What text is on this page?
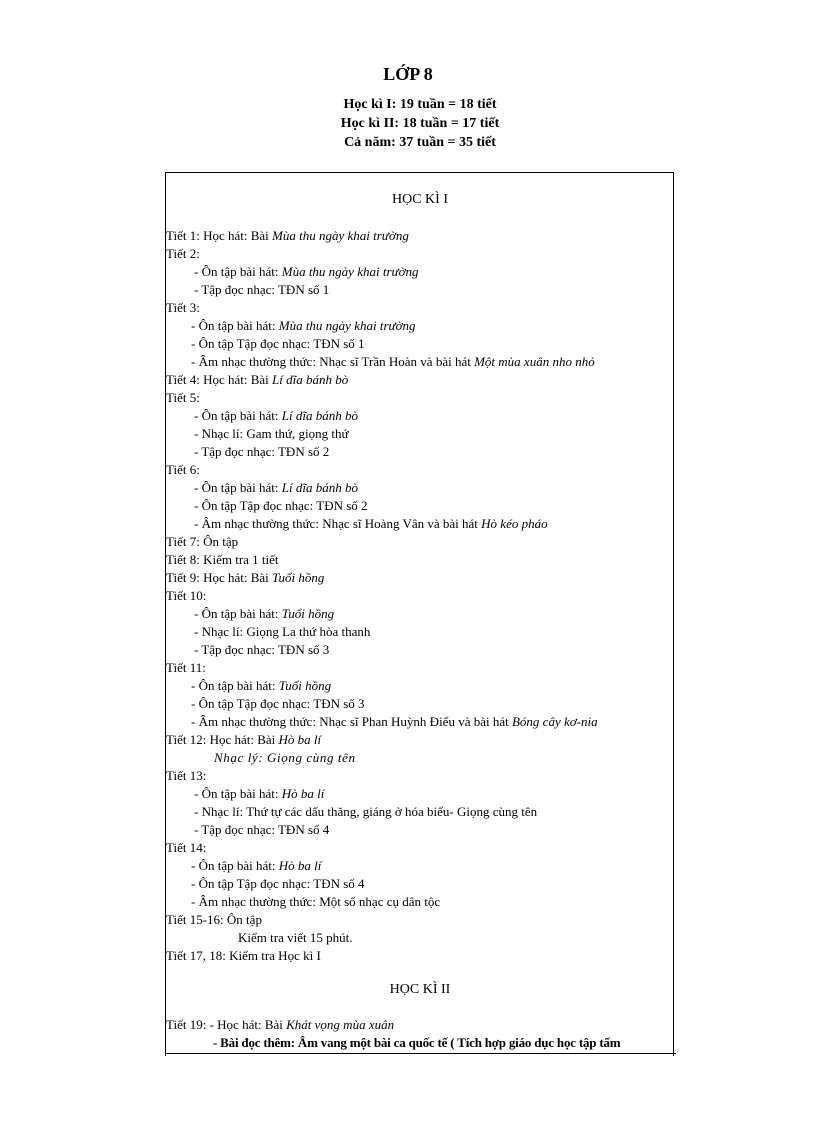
LỚP 8
Học kì I: 19 tuần = 18 tiết
Học kì II: 18 tuần = 17 tiết
Cả năm: 37 tuần = 35 tiết
HỌC KÌ I
Tiết 1: Học hát: Bài Mùa thu ngày khai trường
Tiết 2:
- Ôn tập bài hát: Mùa thu ngày khai trường
- Tập đọc nhạc: TĐN số 1
Tiết 3:
- Ôn tập bài hát: Mùa thu ngày khai trường
- Ôn tập Tập đọc nhạc: TĐN số 1
- Âm nhạc thường thức: Nhạc sĩ Trần Hoàn và bài hát Một mùa xuân nho nhỏ
Tiết 4: Học hát: Bài Lí dĩa bánh bò
Tiết 5:
- Ôn tập bài hát: Lí dĩa bánh bò
- Nhạc lí: Gam thứ, giọng thứ
- Tập đọc nhạc: TĐN số 2
Tiết 6:
- Ôn tập bài hát: Lí dĩa bánh bò
- Ôn tập Tập đọc nhạc: TĐN số 2
- Âm nhạc thường thức: Nhạc sĩ Hoàng Vân và bài hát Hò kéo pháo
Tiết 7: Ôn tập
Tiết 8: Kiểm tra 1 tiết
Tiết 9: Học hát: Bài Tuổi hồng
Tiết 10:
- Ôn tập bài hát: Tuổi hồng
- Nhạc lí: Giọng La thứ hòa thanh
- Tập đọc nhạc: TĐN số 3
Tiết 11:
- Ôn tập bài hát: Tuổi hồng
- Ôn tập Tập đọc nhạc: TĐN số 3
- Âm nhạc thường thức: Nhạc sĩ Phan Huỳnh Điểu và bài hát Bóng cây kơ-nia
Tiết 12: Học hát: Bài Hò ba lí
Nhạc lý: Giọng cùng tên
Tiết 13:
- Ôn tập bài hát: Hò ba lí
- Nhạc lí: Thứ tự các dấu thăng, giáng ở hóa biểu- Giọng cùng tên
- Tập đọc nhạc: TĐN số 4
Tiết 14:
- Ôn tập bài hát: Hò ba lí
- Ôn tập Tập đọc nhạc: TĐN số 4
- Âm nhạc thường thức: Một số nhạc cụ dân tộc
Tiết 15-16: Ôn tập
Kiểm tra viết 15 phút.
Tiết 17, 18: Kiểm tra Học kì I
HỌC KÌ II
Tiết 19: - Học hát: Bài Khát vọng mùa xuân
- Bài đọc thêm: Âm vang một bài ca quốc tế ( Tích hợp giáo dục học tập tấm
